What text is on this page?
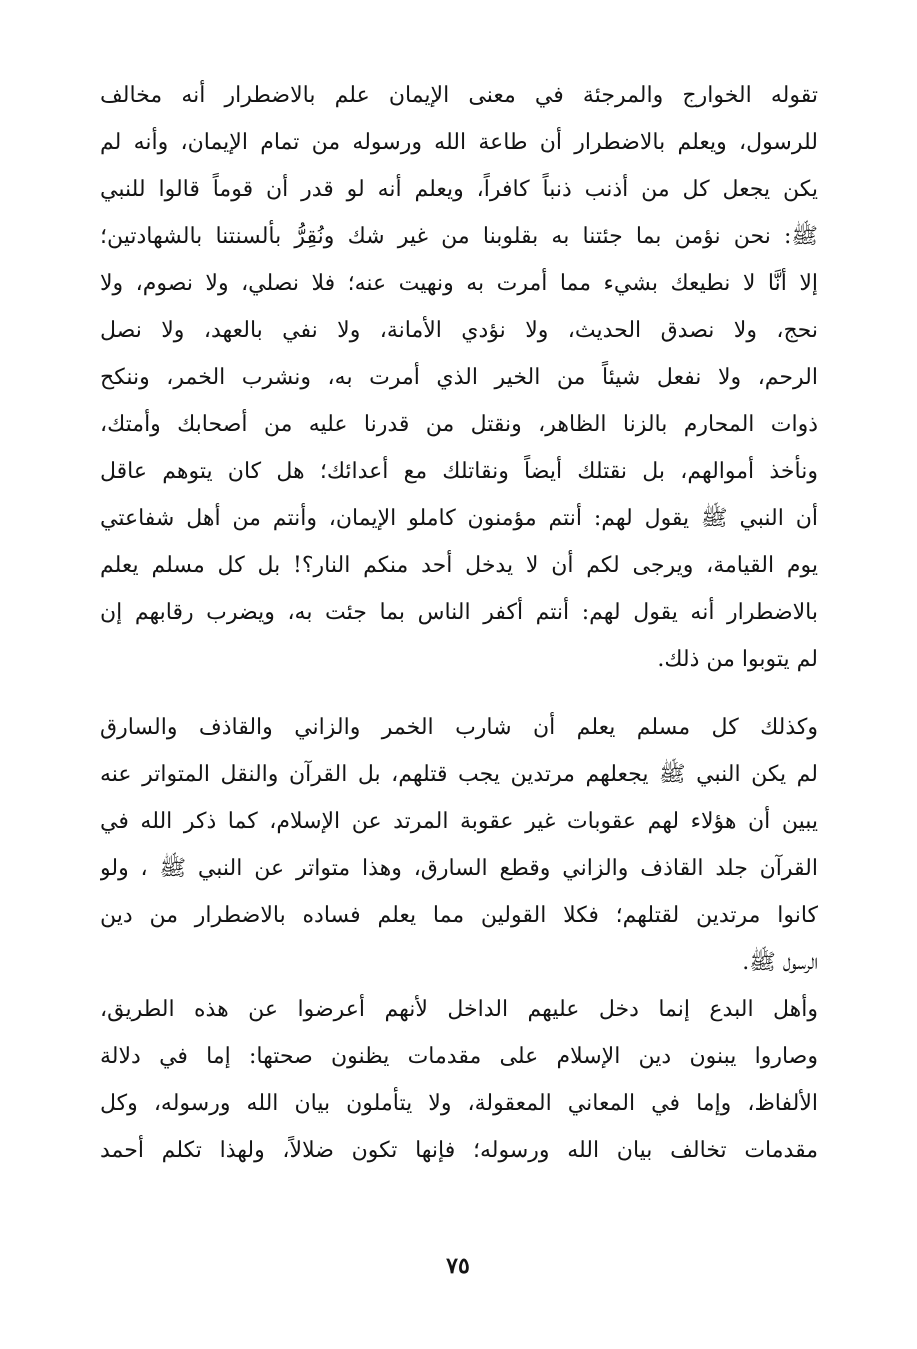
تقوله الخوارج والمرجئة في معنى الإيمان علم بالاضطرار أنه مخالف
للرسول، ويعلم بالاضطرار أن طاعة الله ورسوله من تمام الإيمان، وأنه لم
يكن يجعل كل من أذنب ذنباً كافراً، ويعلم أنه لو قدر أن قوماً قالوا للنبي
ﷺ: نحن نؤمن بما جئتنا به بقلوبنا من غير شك ونُقِرُّ بألسنتنا بالشهادتين؛
إلا أنَّا لا نطيعك بشيء مما أمرت به ونهيت عنه؛ فلا نصلي، ولا نصوم، ولا
نحج، ولا نصدق الحديث، ولا نؤدي الأمانة، ولا نفي بالعهد، ولا نصل
الرحم، ولا نفعل شيئاً من الخير الذي أمرت به، ونشرب الخمر، وننكح
ذوات المحارم بالزنا الظاهر، ونقتل من قدرنا عليه من أصحابك وأمتك،
ونأخذ أموالهم، بل نقتلك أيضاً ونقاتلك مع أعدائك؛ هل كان يتوهم عاقل
أن النبي ﷺ يقول لهم: أنتم مؤمنون كاملو الإيمان، وأنتم من أهل شفاعتي
يوم القيامة، ويرجى لكم أن لا يدخل أحد منكم النار؟! بل كل مسلم يعلم
بالاضطرار أنه يقول لهم: أنتم أكفر الناس بما جئت به، ويضرب رقابهم إن
لم يتوبوا من ذلك.

وكذلك كل مسلم يعلم أن شارب الخمر والزاني والقاذف والسارق
لم يكن النبي ﷺ يجعلهم مرتدين يجب قتلهم، بل القرآن والنقل المتواتر عنه
يبين أن هؤلاء لهم عقوبات غير عقوبة المرتد عن الإسلام، كما ذكر الله في
القرآن جلد القاذف والزاني وقطع السارق، وهذا متواتر عن النبي ﷺ ، ولو
كانوا مرتدين لقتلهم؛ فكلا القولين مما يعلم فساده بالاضطرار من دين
الرسول ﷺ.

وأهل البدع إنما دخل عليهم الداخل لأنهم أعرضوا عن هذه الطريق،
وصاروا يبنون دين الإسلام على مقدمات يظنون صحتها: إما في دلالة
الألفاظ، وإما في المعاني المعقولة، ولا يتأملون بيان الله ورسوله، وكل
مقدمات تخالف بيان الله ورسوله؛ فإنها تكون ضلالاً، ولهذا تكلم أحمد

٧٥
